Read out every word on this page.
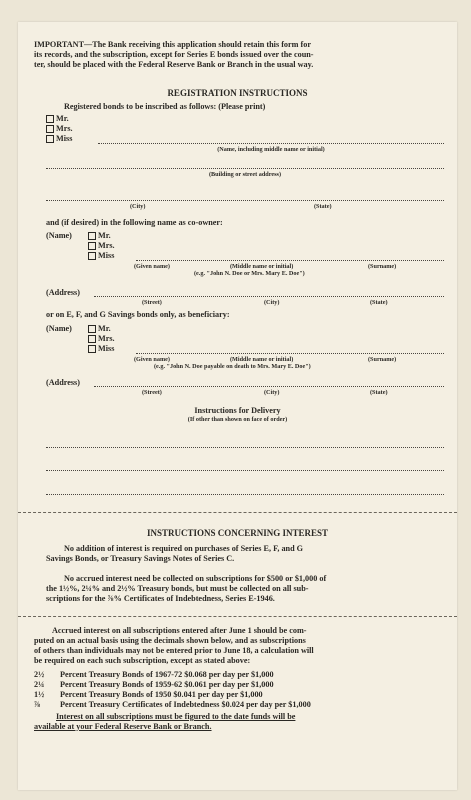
IMPORTANT—The Bank receiving this application should retain this form for
its records, and the subscription, except for Series E bonds issued over the coun-
ter, should be placed with the Federal Reserve Bank or Branch in the usual way.
REGISTRATION INSTRUCTIONS
Registered bonds to be inscribed as follows: (Please print)
Mr.
Mrs.
Miss
(Name, including middle name or initial)
(Building or street address)
(City)	(State)
and (if desired) in the following name as co-owner:
(Name)	Mr.
Mrs.
Miss
(Given name)	(Middle name or initial)	(Surname)
(e.g. "John N. Doe or Mrs. Mary E. Doe")
(Address)
(Street)	(City)	(State)
or on E, F, and G Savings bonds only, as beneficiary:
(Name)	Mr.
Mrs.
Miss
(Given name)	(Middle name or initial)	(Surname)
(e.g. "John N. Doe payable on death to Mrs. Mary E. Doe")
(Address)
(Street)	(City)	(State)
Instructions for Delivery
(If other than shown on face of order)
INSTRUCTIONS CONCERNING INTEREST
No addition of interest is required on purchases of Series E, F, and G
Savings Bonds, or Treasury Savings Notes of Series C.
No accrued interest need be collected on subscriptions for $500 or $1,000 of
the 1½%, 2¼% and 2½% Treasury bonds, but must be collected on all sub-
scriptions for the ⅞% Certificates of Indebtedness, Series E-1946.
Accrued interest on all subscriptions entered after June 1 should be com-
puted on an actual basis using the decimals shown below, and as subscriptions
of others than individuals may not be entered prior to June 18, a calculation will
be required on each such subscription, except as stated above:
2½	Percent Treasury Bonds of 1967-72 $0.068 per day per $1,000
2¼	Percent Treasury Bonds of 1959-62 $0.061 per day per $1,000
1½	Percent Treasury Bonds of 1950 $0.041 per day per $1,000
⅞	Percent Treasury Certificates of Indebtedness $0.024 per day per $1,000
Interest on all subscriptions must be figured to the date funds will be
available at your Federal Reserve Bank or Branch.
